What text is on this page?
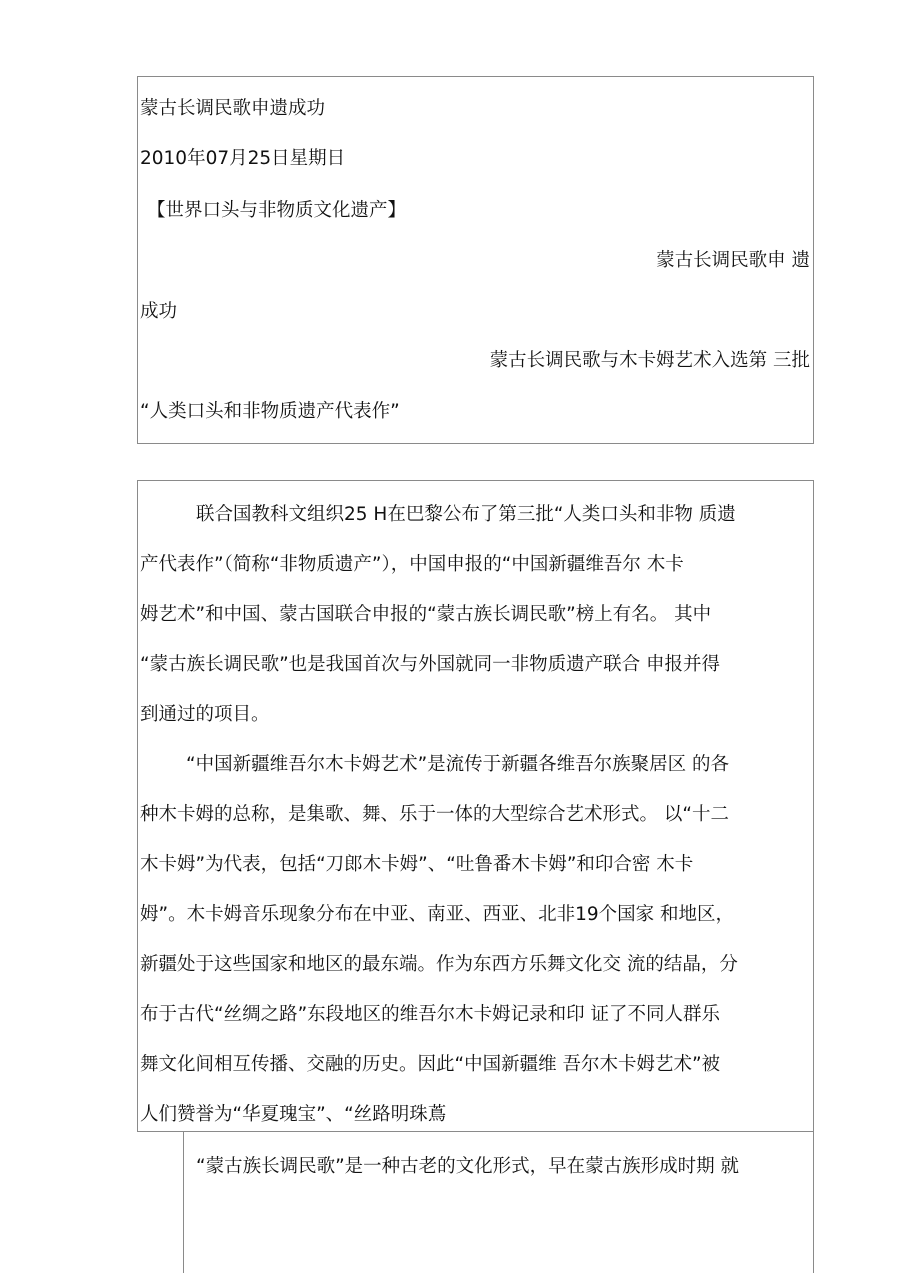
蒙古长调民歌申遗成功
2010年07月25日星期日
【世界口头与非物质文化遗产】
蒙古长调民歌申 遗
成功
蒙古长调民歌与木卡姆艺术入选第 三批
“人类口头和非物质遗产代表作”
联合国教科文组织25 H在巴黎公布了第三批“人类口头和非物 质遗
产代表作”（简称“非物质遗产”），中国申报的“中国新疆维吾尔 木卡
姆艺术”和中国、蒙古国联合申报的“蒙古族长调民歌”榜上有名。 其中
“蒙古族长调民歌”也是我国首次与外国就同一非物质遗产联合 申报并得
到通过的项目。
“中国新疆维吾尔木卡姆艺术”是流传于新疆各维吾尔族聚居区 的各
种木卡姆的总称，是集歌、舞、乐于一体的大型综合艺术形式。 以“十二
木卡姆”为代表，包括“刀郎木卡姆”、“吐鲁番木卡姆”和印合密 木卡
姆”。木卡姆音乐现象分布在中亚、南亚、西亚、北非19个国家 和地区，
新疆处于这些国家和地区的最东端。作为东西方乐舞文化交 流的结晶，分
布于古代“丝绸之路”东段地区的维吾尔木卡姆记录和印 证了不同人群乐
舞文化间相互传播、交融的历史。因此“中国新疆维 吾尔木卡姆艺术”被
人们赞誉为“华夏瑰宝”、“丝路明珠蔦
“蒙古族长调民歌”是一种古老的文化形式，早在蒙古族形成时期 就
